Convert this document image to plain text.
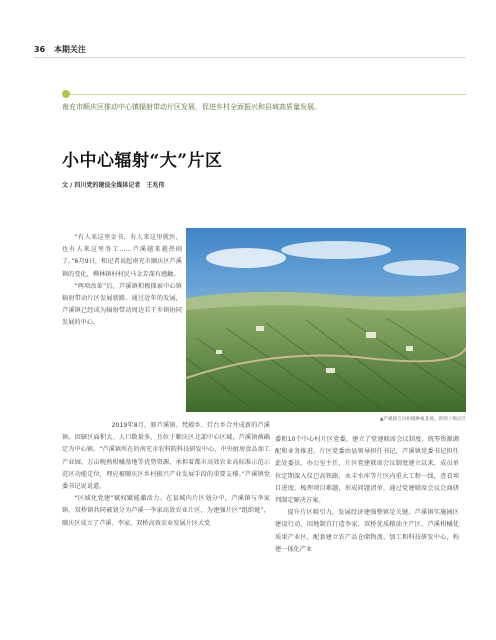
36 本期关注
南充市顺庆区推动中心镇辐射带动片区发展，促进乡村全面振兴和县域高质量发展。
小中心辐射“大”片区
文 / 四川党的建设全媒体记者　王兆伟

“有人来这里金书，有人来这里就医，也有人来这里务工……芦溪越来越热闹了。”6月9日，和记者说起南充市顺庆区芦溪镇的变化，柳林镇村村民马金芳深有感触。

“两项改革”后，芦溪镇积极探索中心镇辐射带动片区发展新路。通过近年的发展，芦溪镇已经成为辐射带动周边若干乡镇协同发展的中心。

▲芦溪镇万亩柑橘种植基地。供图 / 顺庆区

2019年8月，原芦溪镇、梵殿乡、灯台乡合并成新的芦溪镇。因辖区面积大、人口数量多，且位于顺庆区北部中心区域，芦溪镇被确定为中心镇。“芦溪镇所在的南充市农科院科技研发中心、中央厨房食品加工产业园、万亩晚熟柑橘基地等优势资源，承担着都市高效农业高标准示范示范区功能定位，理应被顺庆区乡村振兴产业发展手段的重要支撑。”芦溪镇党委书记说说道。

“区域化党建”赋权赋能激活力。在县城内片区划分中，芦溪镇与李家镇、双桥镇共同被划分为芦溪一李家高效农业片区，为建强片区“组织链”，顺庆区成立了芦溪、李家、双桥高效农业发展片区大党

委和10个中心村片区党委，建立了党建联席会议制度，统筹资源调配和业务推进。片区党委由县领导担任书记，芦溪镇党委书记担任此处委员、办公室主任，片区党建联席会议制度建立以来，成员单位定期深入仪巴高铁路、永丰水库等片区内重大工程一线，查看项目进度、梳理项目难题，形成问题清单，通过党建联席会议会商研判制定解决方案。

提升片区吸引力，发展经济建强整镇是关键。芦溪镇实施园区建设行动，因地制宜打造李家、双桥优质粮油主产区、芦溪柑橘优质果产业区，配套建立农产品仓储物流、加工和科技研发中心，构建一体化产业
